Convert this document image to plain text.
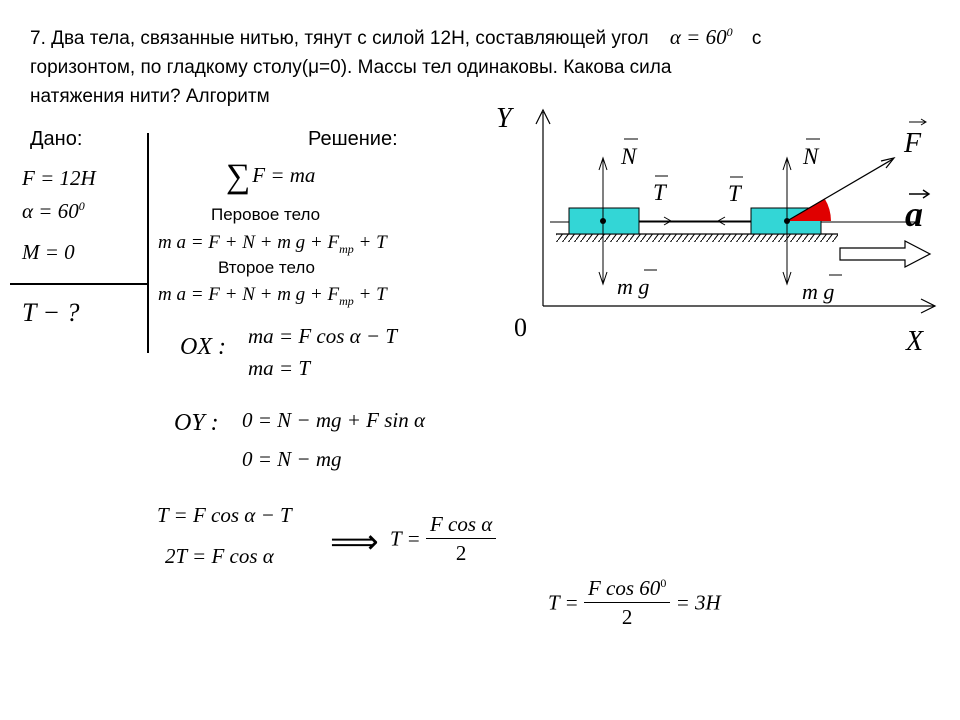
7. Два тела, связанные нитью, тянут с силой 12Н, составляющей угол $\alpha = 60^0$ с
горизонтом, по гладкому столу(μ=0). Массы тел одинаковы. Какова сила
натяжения нити? Алгоритм
Дано:
F = 12H
$\alpha = 60^0$
M = 0
T − ?
Решение:
∑F = ma
Перовое тело
m a = F + N + m $g + F_{тр} + T$
Второе тело
m a = F + N + m $g + F_{тр} + T$
OX : ma = F cos α − T
ma = T
OY : 0 = N − mg + F sin α
0 = N − mg
T = F cos α − T
2T = F cos α ⟹ $T = \frac{\text{F cos α}}{2}$
$T = \frac{F \cos 60^0}{2} = 3H$
Y
X
0
N	N
T	T
F
a
m g	m g
